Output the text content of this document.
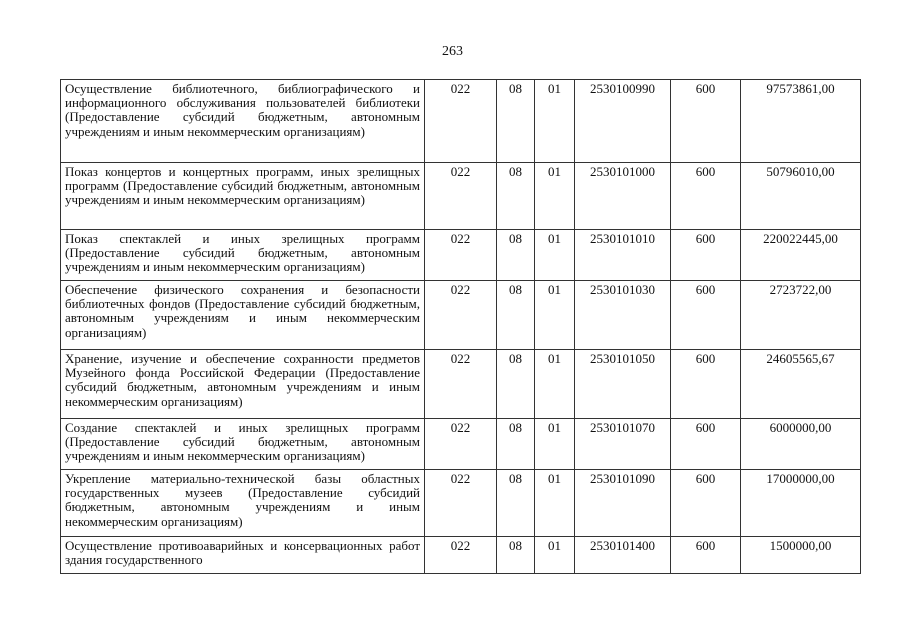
263
Осуществление библиотечного, библиографического и информационного обслуживания пользователей библиотеки (Предоставление субсидий бюджетным, автономным учреждениям и иным некоммерческим организациям)	022	08	01	2530100990	600	97573861,00
Показ концертов и концертных программ, иных зрелищных программ (Предоставление субсидий бюджетным, автономным учреждениям и иным некоммерческим организациям)	022	08	01	2530101000	600	50796010,00
Показ спектаклей и иных зрелищных программ (Предоставление субсидий бюджетным, автономным учреждениям и иным некоммерческим организациям)	022	08	01	2530101010	600	220022445,00
Обеспечение физического сохранения и безопасности библиотечных фондов (Предоставление субсидий бюджетным, автономным учреждениям и иным некоммерческим организациям)	022	08	01	2530101030	600	2723722,00
Хранение, изучение и обеспечение сохранности предметов Музейного фонда Российской Федерации (Предоставление субсидий бюджетным, автономным учреждениям и иным некоммерческим организациям)	022	08	01	2530101050	600	24605565,67
Создание спектаклей и иных зрелищных программ (Предоставление субсидий бюджетным, автономным учреждениям и иным некоммерческим организациям)	022	08	01	2530101070	600	6000000,00
Укрепление материально-технической базы областных государственных музеев (Предоставление субсидий бюджетным, автономным учреждениям и иным некоммерческим организациям)	022	08	01	2530101090	600	17000000,00

Осуществление противоаварийных и консервационных работ здания государственного	022	08	01	2530101400	600	1500000,00
